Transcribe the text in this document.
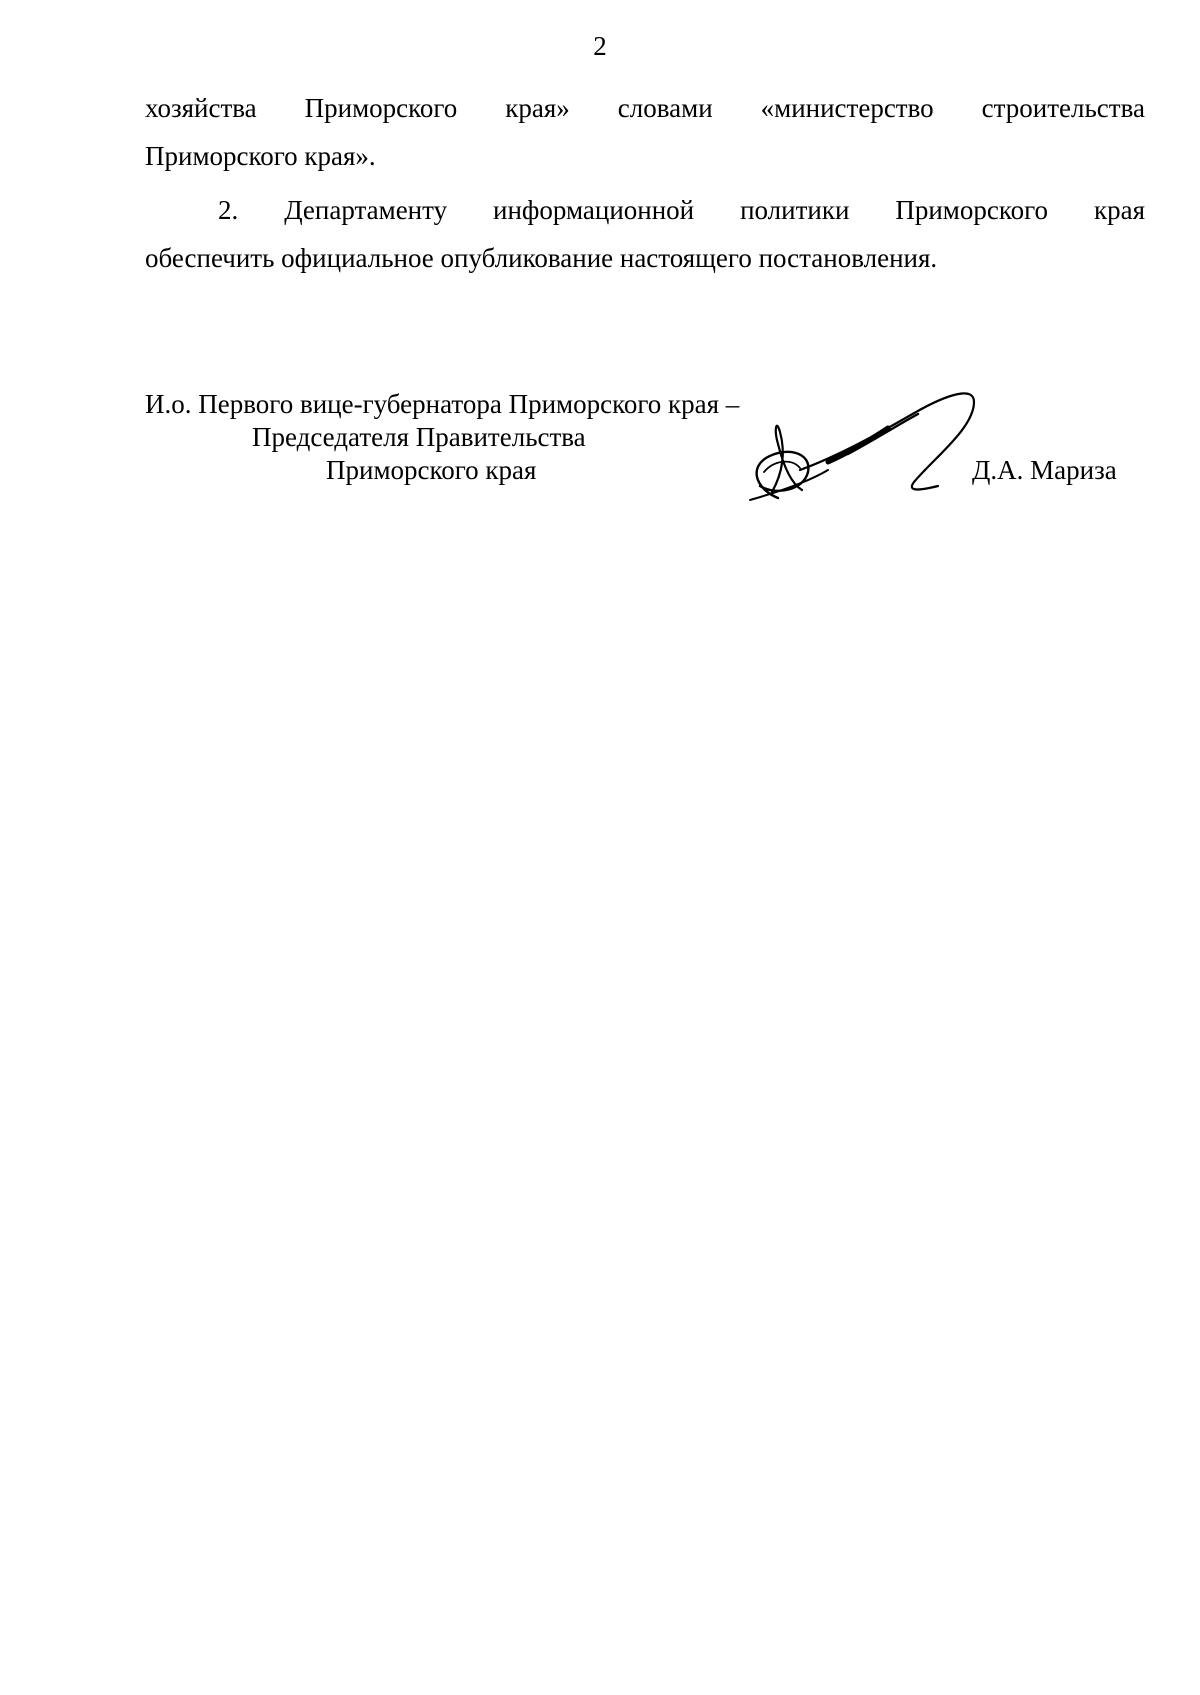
2
хозяйства Приморского края» словами «министерство строительства
Приморского края».
2. Департаменту информационной политики Приморского края
обеспечить официальное опубликование настоящего постановления.
И.о. Первого вице-губернатора Приморского края –
Председателя Правительства
Приморского края	Д.А. Мариза
